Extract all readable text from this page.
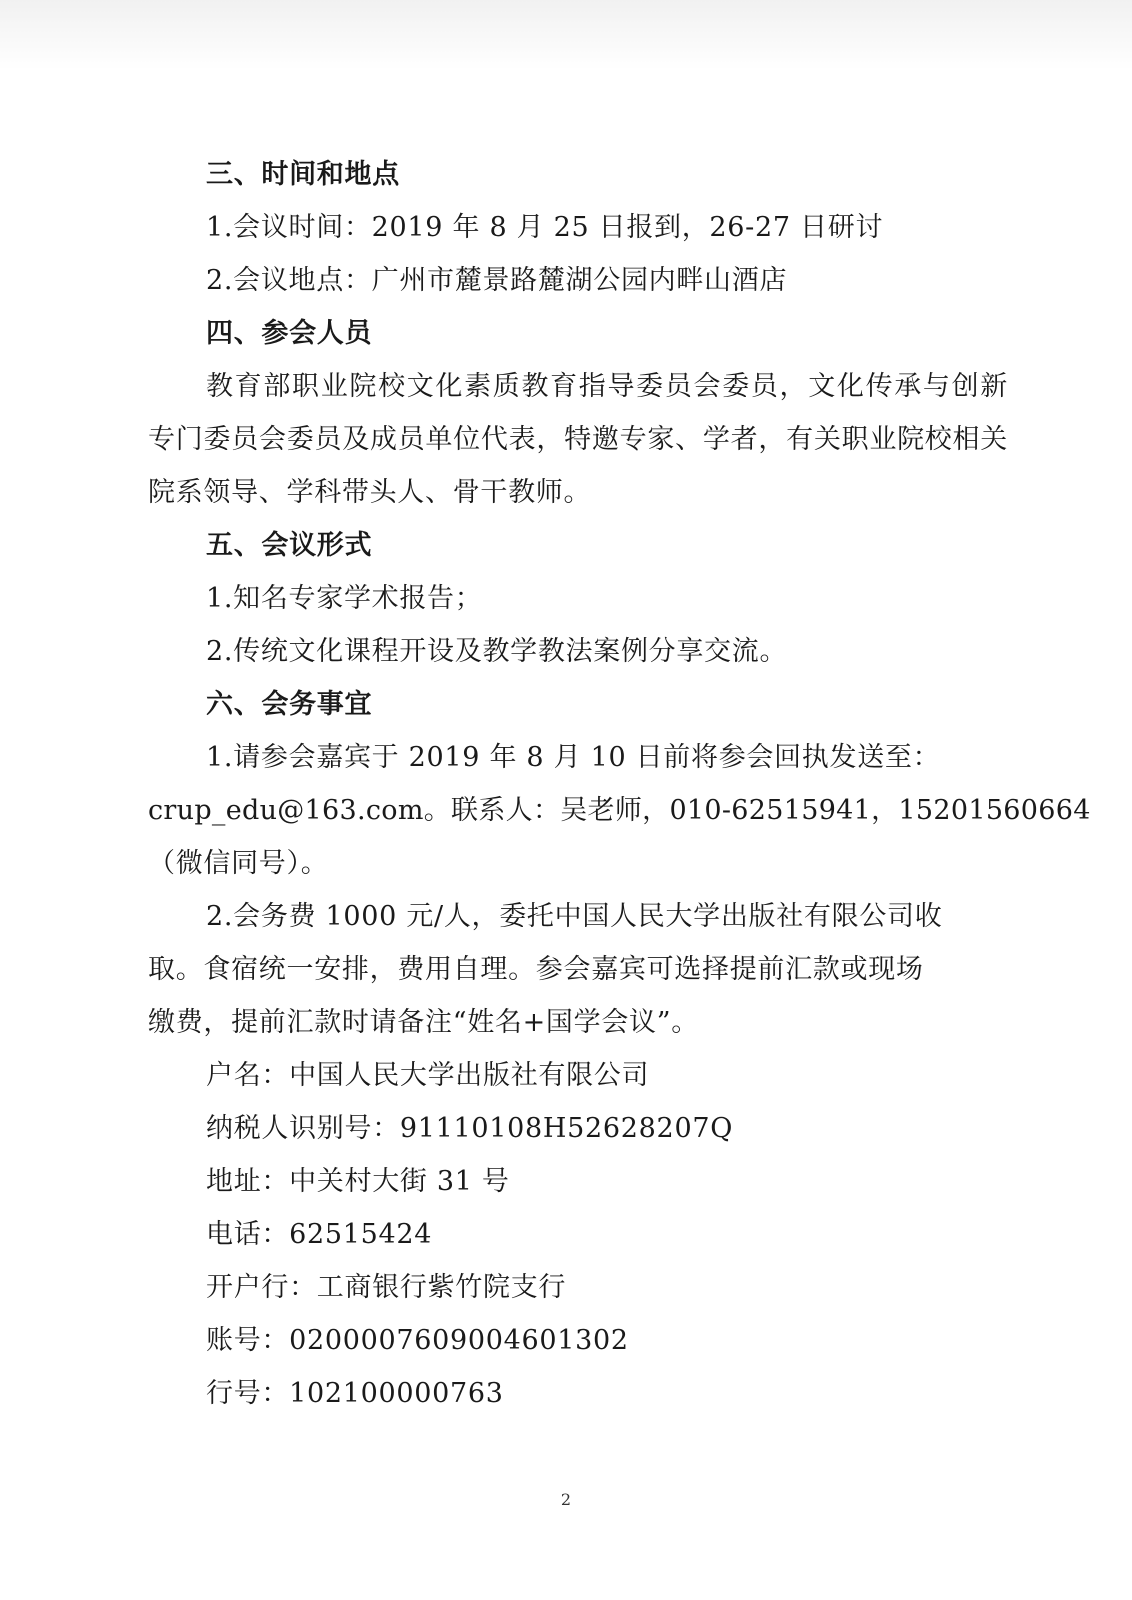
三、时间和地点
1.会议时间：2019 年 8 月 25 日报到，26-27 日研讨
2.会议地点：广州市麓景路麓湖公园内畔山酒店
四、参会人员
教育部职业院校文化素质教育指导委员会委员，文化传承与创新专门委员会委员及成员单位代表，特邀专家、学者，有关职业院校相关院系领导、学科带头人、骨干教师。
五、会议形式
1.知名专家学术报告；
2.传统文化课程开设及教学教法案例分享交流。
六、会务事宜
1.请参会嘉宾于 2019 年 8 月 10 日前将参会回执发送至：
crup_edu@163.com。联系人：吴老师，010-62515941，15201560664
（微信同号）。
2.会务费 1000 元/人，委托中国人民大学出版社有限公司收
取。食宿统一安排，费用自理。参会嘉宾可选择提前汇款或现场
缴费，提前汇款时请备注“姓名+国学会议”。
户名：中国人民大学出版社有限公司
纳税人识别号：91110108H52628207Q
地址：中关村大街 31 号
电话：62515424
开户行：工商银行紫竹院支行
账号：0200007609004601302
行号：102100000763
2
